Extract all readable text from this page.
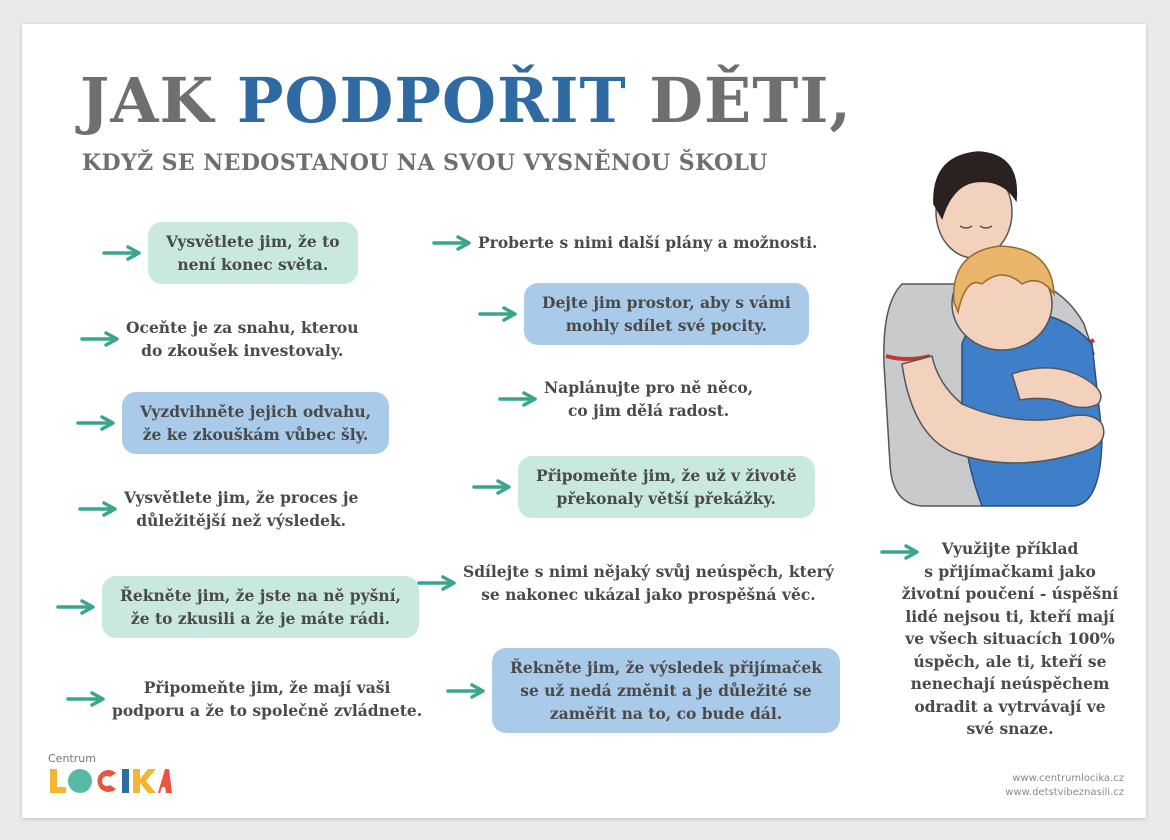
JAK PODPOŘIT DĚTI,
KDYŽ SE NEDOSTANOU NA SVOU VYSNĚNOU ŠKOLU
Vysvětlete jim, že to
není konec světa.
Oceňte je za snahu, kterou
do zkoušek investovaly.
Vyzdvihněte jejich odvahu,
že ke zkouškám vůbec šly.
Vysvětlete jim, že proces je
důležitější než výsledek.
Řekněte jim, že jste na ně pyšní,
že to zkusili a že je máte rádi.
Připomeňte jim, že mají vaši
podporu a že to společně zvládnete.
Proberte s nimi další plány a možnosti.
Dejte jim prostor, aby s vámi
mohly sdílet své pocity.
Naplánujte pro ně něco,
co jim dělá radost.
Připomeňte jim, že už v životě
překonaly větší překážky.
Sdílejte s nimi nějaký svůj neúspěch, který
se nakonec ukázal jako prospěšná věc.
Řekněte jim, že výsledek přijímaček
se už nedá změnit a je důležité se
zaměřit na to, co bude dál.
Využijte příklad
s přijímačkami jako
životní poučení - úspěšní
lidé nejsou ti, kteří mají
ve všech situacích 100%
úspěch, ale ti, kteří se
nenechají neúspěchem
odradit a vytrvávají ve
své snaze.
Centrum
www.centrumlocika.cz
www.detstvibeznasili.cz
